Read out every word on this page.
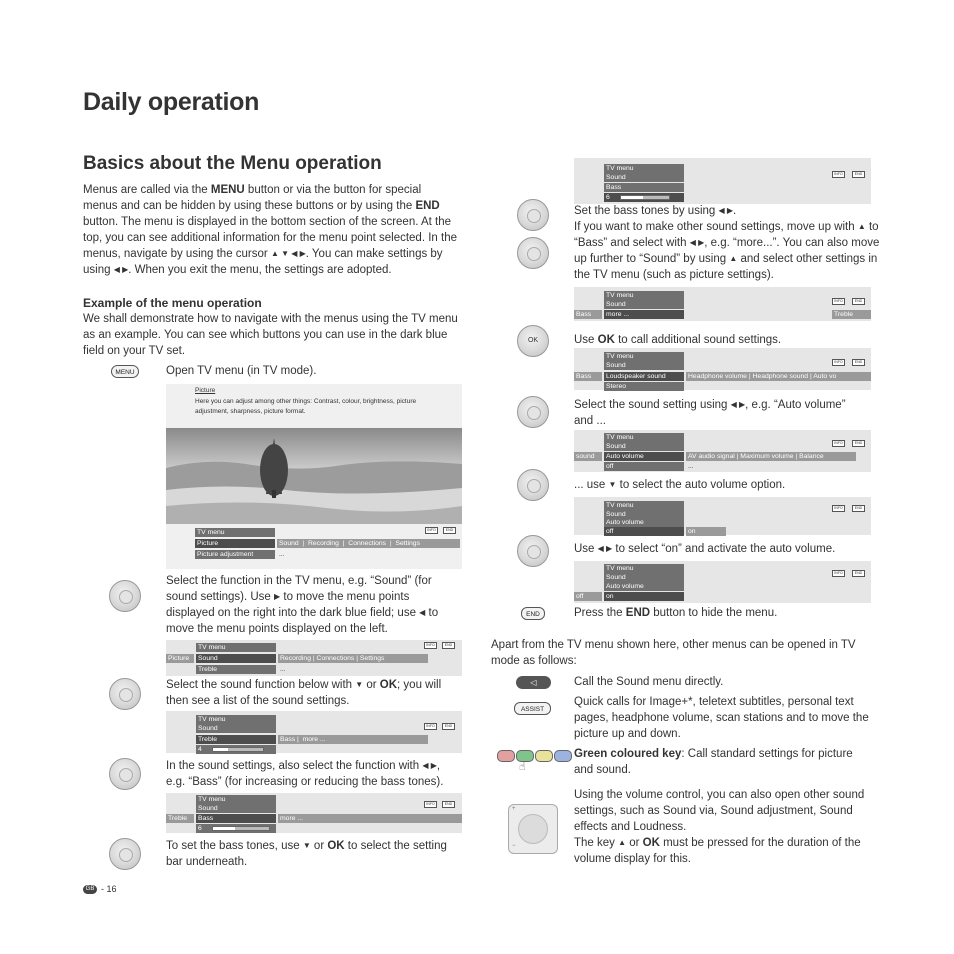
Daily operation
Basics about the Menu operation
Menus are called via the MENU button or via the button for special menus and can be hidden by using these buttons or by using the END button. The menu is displayed in the bottom section of the screen. At the top, you can see additional information for the menu point selected. In the menus, navigate by using the cursor ▲ ▼ ◀ ▶. You can make settings by using ◀ ▶. When you exit the menu, the settings are adopted.
Example of the menu operation
We shall demonstrate how to navigate with the menus using the TV menu as an example. You can see which buttons you can use in the dark blue field on your TV set.
MENU	Open TV menu (in TV mode).
Picture
Here you can adjust among other things: Contrast, colour, brightness, picture adjustment, sharpness, picture format.
TV menu	INFO	END
Picture	Sound  |  Recording  |  Connections  |  Settings
Picture adjustment	...
Select the function in the TV menu, e.g. “Sound” (for sound settings). Use ▶ to move the menu points displayed on the right into the dark blue field; use ◀ to move the menu points displayed on the left.
TV menu	INFO	END
Picture	Sound	Recording | Connections | Settings
Treble	...
Select the sound function below with ▼ or OK; you will then see a list of the sound settings.
TV menu
INFO	END
Sound
Treble	Bass |  more ...
4
In the sound settings, also select the function with ◀ ▶, e.g. “Bass” (for increasing or reducing the bass tones).
TV menu
INFO	END
Sound
Treble	Bass	more ...
6
To set the bass tones, use ▼ or OK to select the setting bar underneath.
GB - 16
TV menu
INFO	END
Sound
Bass
6
Set the bass tones by using ◀ ▶.
If you want to make other sound settings, move up with ▲ to “Bass” and select with ◀ ▶, e.g. “more...”. You can also move up further to “Sound” by using ▲ and select other settings in the TV menu (such as picture settings).
TV menu
INFO	END
Sound
Bass	more ...	Treble
OK	Use OK to call additional sound settings.
TV menu
INFO	END
Sound
Bass	Loudspeaker sound	Headphone volume | Headphone sound | Auto vo
Stereo
Select the sound setting using ◀ ▶, e.g. “Auto volume”
and ...
TV menu
INFO	END
Sound
sound	Auto volume	AV audio signal | Maximum volume | Balance
off	...
... use ▼ to select the auto volume option.
TV menu	INFO	END
Sound
Auto volume
off	on
Use ◀ ▶ to select “on” and activate the auto volume.
TV menu
INFO	END
Sound
Auto volume
off	on
END	Press the END button to hide the menu.
Apart from the TV menu shown here, other menus can be opened in TV mode as follows:
◁	Call the Sound menu directly.
ASSIST
Quick calls for Image+*, teletext subtitles, personal text pages, headphone volume, scan stations and to move the picture up and down.
☝
Green coloured key: Call standard settings for picture and sound.
+
−
Using the volume control, you can also open other sound settings, such as Sound via, Sound adjustment, Sound effects and Loudness.
The key ▲ or OK must be pressed for the duration of the volume display for this.
